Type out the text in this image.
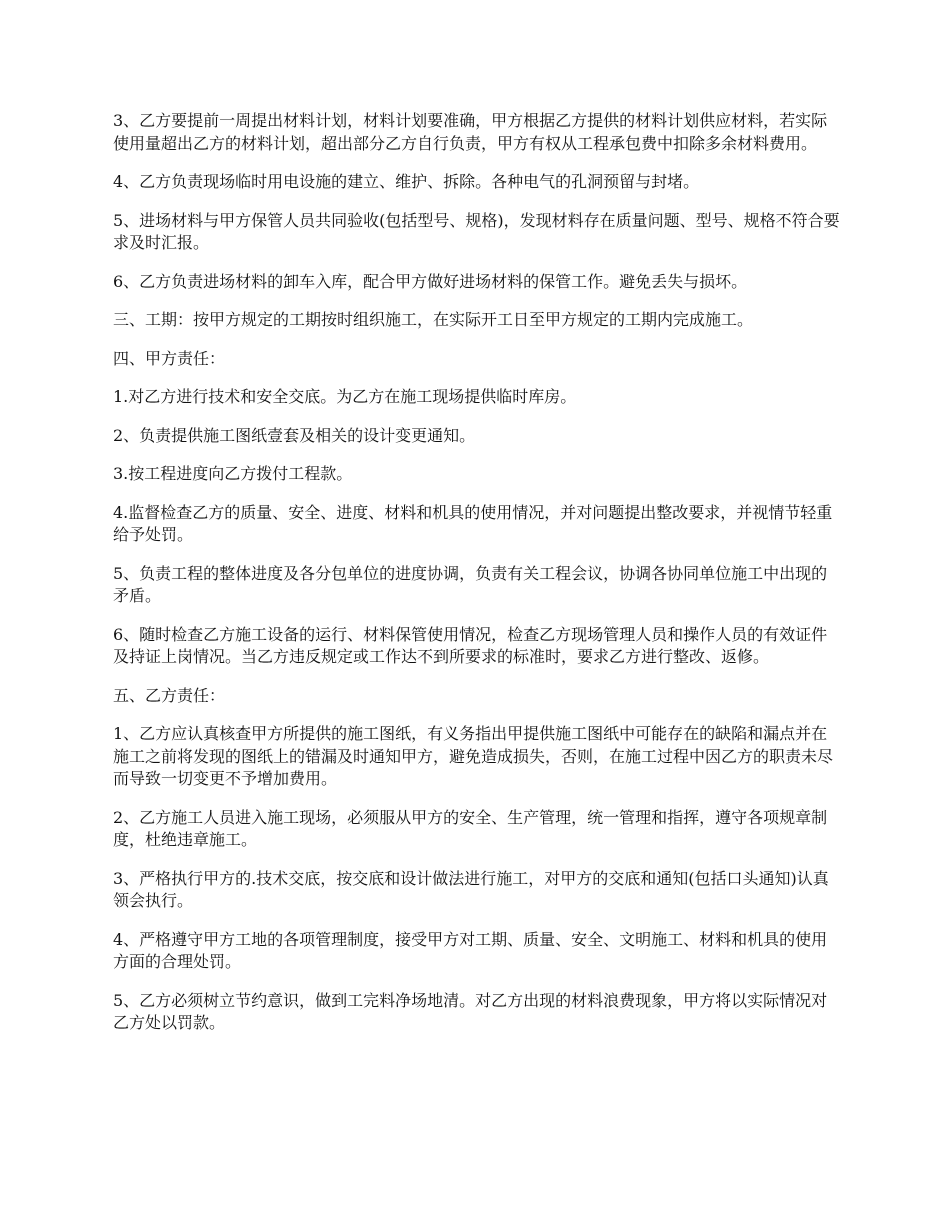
3、乙方要提前一周提出材料计划，材料计划要准确，甲方根据乙方提供的材料计划供应材料，若实际使用量超出乙方的材料计划，超出部分乙方自行负责，甲方有权从工程承包费中扣除多余材料费用。

4、乙方负责现场临时用电设施的建立、维护、拆除。各种电气的孔洞预留与封堵。

5、进场材料与甲方保管人员共同验收(包括型号、规格)，发现材料存在质量问题、型号、规格不符合要求及时汇报。

6、乙方负责进场材料的卸车入库，配合甲方做好进场材料的保管工作。避免丢失与损坏。

三、工期：按甲方规定的工期按时组织施工，在实际开工日至甲方规定的工期内完成施工。

四、甲方责任：

1.对乙方进行技术和安全交底。为乙方在施工现场提供临时库房。

2、负责提供施工图纸壹套及相关的设计变更通知。

3.按工程进度向乙方拨付工程款。

4.监督检查乙方的质量、安全、进度、材料和机具的使用情况，并对问题提出整改要求，并视情节轻重给予处罚。

5、负责工程的整体进度及各分包单位的进度协调，负责有关工程会议，协调各协同单位施工中出现的矛盾。

6、随时检查乙方施工设备的运行、材料保管使用情况，检查乙方现场管理人员和操作人员的有效证件及持证上岗情况。当乙方违反规定或工作达不到所要求的标准时，要求乙方进行整改、返修。

五、乙方责任：

1、乙方应认真核查甲方所提供的施工图纸，有义务指出甲提供施工图纸中可能存在的缺陷和漏点并在施工之前将发现的图纸上的错漏及时通知甲方，避免造成损失，否则，在施工过程中因乙方的职责未尽而导致一切变更不予增加费用。

2、乙方施工人员进入施工现场，必须服从甲方的安全、生产管理，统一管理和指挥，遵守各项规章制度，杜绝违章施工。

3、严格执行甲方的.技术交底，按交底和设计做法进行施工，对甲方的交底和通知(包括口头通知)认真领会执行。

4、严格遵守甲方工地的各项管理制度，接受甲方对工期、质量、安全、文明施工、材料和机具的使用方面的合理处罚。

5、乙方必须树立节约意识，做到工完料净场地清。对乙方出现的材料浪费现象，甲方将以实际情况对乙方处以罚款。
